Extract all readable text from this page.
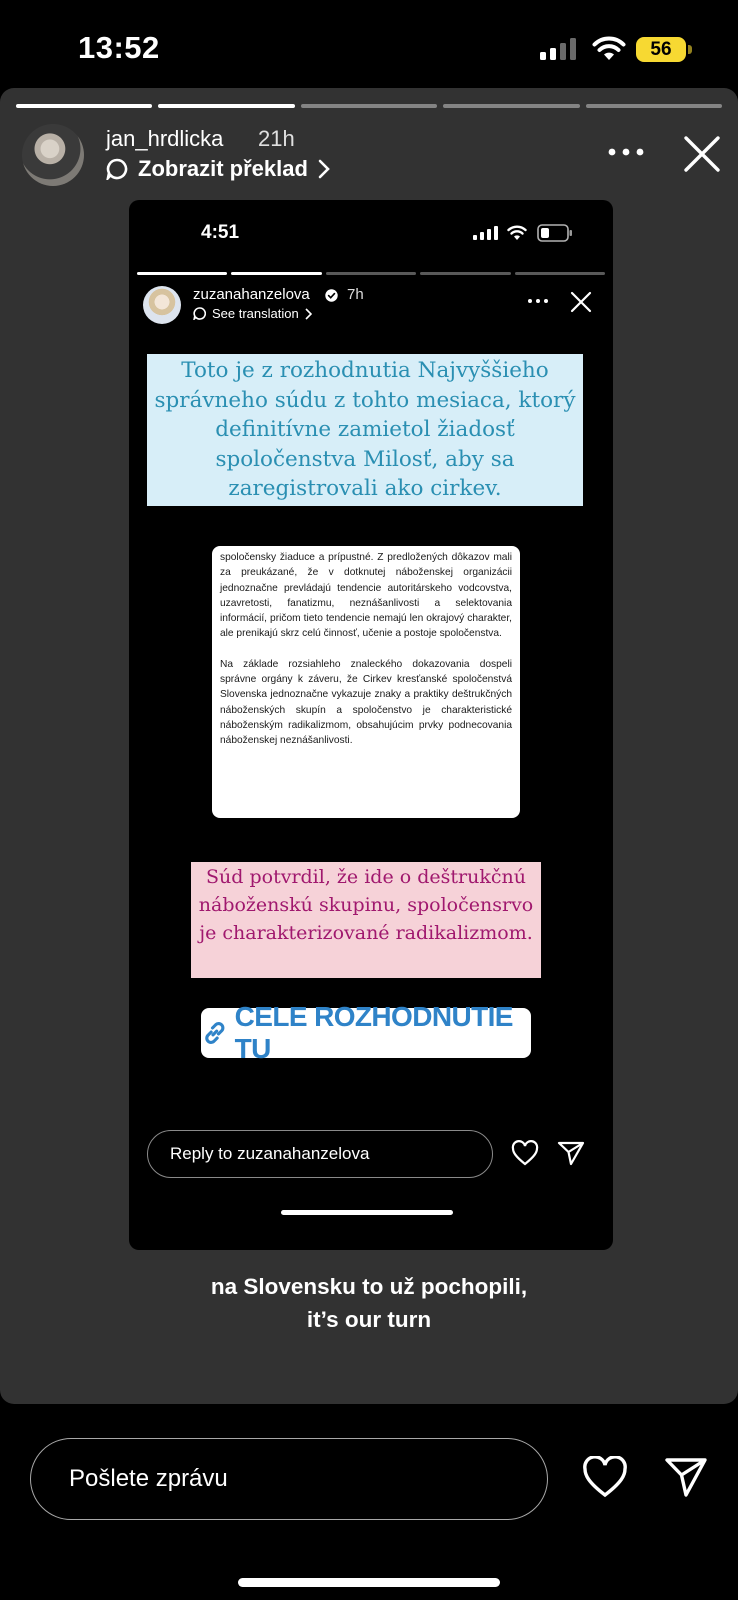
13:52	56
jan_hrdlicka 21h
Zobrazit překlad
4:51
zuzanahanzelova 7h
See translation
Toto je z rozhodnutia Najvyššieho správneho súdu z tohto mesiaca, ktorý definitívne zamietol žiadosť spoločenstva Milosť, aby sa zaregistrovali ako cirkev.

spoločensky žiaduce a prípustné. Z predložených dôkazov mali za preukázané, že v dotknutej náboženskej organizácii jednoznačne prevládajú tendencie autoritárskeho vodcovstva, uzavretosti, fanatizmu, neznášanlivosti a selektovania informácií, pričom tieto tendencie nemajú len okrajový charakter, ale prenikajú skrz celú činnosť, učenie a postoje spoločenstva.

Na základe rozsiahleho znaleckého dokazovania dospeli správne orgány k záveru, že Cirkev kresťanské spoločenstvá Slovenska jednoznačne vykazuje znaky a praktiky deštrukčných náboženských skupín a spoločenstvo je charakteristické náboženským radikalizmom, obsahujúcim prvky podnecovania náboženskej neznášanlivosti.

Súd potvrdil, že ide o deštrukčnú náboženskú skupinu, spoločensrvo je charakterizované radikalizmom.
CELE ROZHODNUTIE TU
Reply to zuzanahanzelova
na Slovensku to už pochopili,
it’s our turn
Pošlete zprávu
